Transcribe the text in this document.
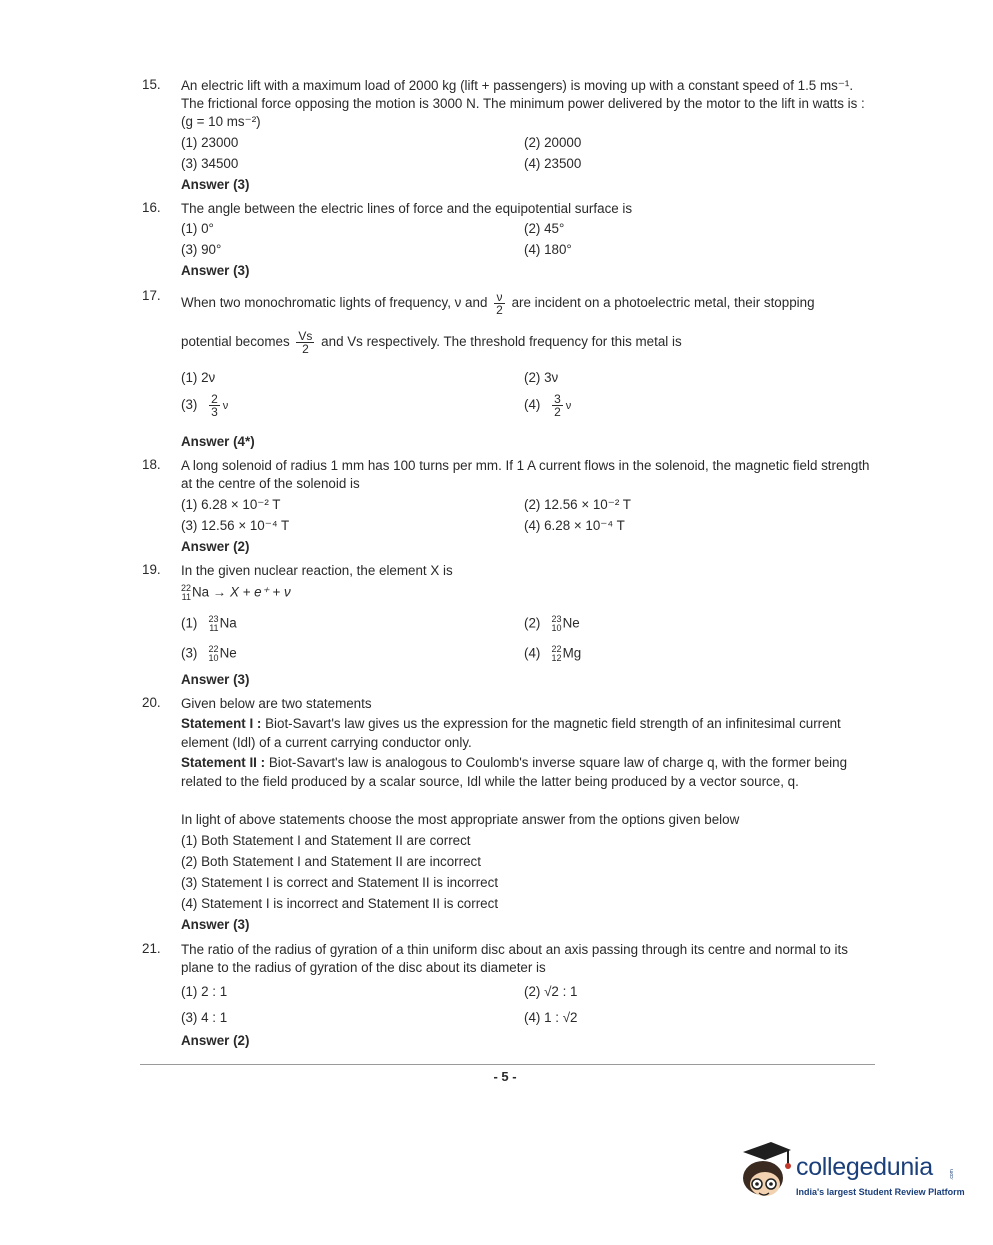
15. An electric lift with a maximum load of 2000 kg (lift + passengers) is moving up with a constant speed of 1.5 ms⁻¹. The frictional force opposing the motion is 3000 N. The minimum power delivered by the motor to the lift in watts is : (g = 10 ms⁻²)
(1) 23000	(2) 20000
(3) 34500	(4) 23500
Answer (3)
16. The angle between the electric lines of force and the equipotential surface is
(1) 0°	(2) 45°
(3) 90°	(4) 180°
Answer (3)
17. When two monochromatic lights of frequency, ν and $\frac{\nu}{2}$ are incident on a photoelectric metal, their stopping
potential becomes $\frac{Vs}{2}$ and Vs respectively. The threshold frequency for this metal is
(1) 2ν	(2) 3ν
$(3) \frac{2}{3}$ ν	$(4) \frac{3}{2}$ ν
Answer (4*)
18. A long solenoid of radius 1 mm has 100 turns per mm. If 1 A current flows in the solenoid, the magnetic field strength at the centre of the solenoid is
(1) 6.28 × 10⁻² T	(2) 12.56 × 10⁻² T
(3) 12.56 × 10⁻⁴ T	(4) 6.28 × 10⁻⁴ T
Answer (2)
19. In the given nuclear reaction, the element X is
22
11 Na → X + e⁺ + ν
(1) 23
11 Na	(2) 23
10 Ne
(3) 22
10 Ne	(4) 22
12 Mg
Answer (3)
20. Given below are two statements
Statement I : Biot-Savart's law gives us the expression for the magnetic field strength of an infinitesimal current element (Idl) of a current carrying conductor only.
Statement II : Biot-Savart's law is analogous to Coulomb's inverse square law of charge q, with the former being related to the field produced by a scalar source, Idl while the latter being produced by a vector source, q.
In light of above statements choose the most appropriate answer from the options given below
(1) Both Statement I and Statement II are correct
(2) Both Statement I and Statement II are incorrect
(3) Statement I is correct and Statement II is incorrect
(4) Statement I is incorrect and Statement II is correct
Answer (3)
21. The ratio of the radius of gyration of a thin uniform disc about an axis passing through its centre and normal to its plane to the radius of gyration of the disc about its diameter is
(1) 2 : 1	(2) √2 : 1
(3) 4 : 1	(4) 1 : √2
Answer (2)
- 5 -
.com
collegedunia
India's largest Student Review Platform
